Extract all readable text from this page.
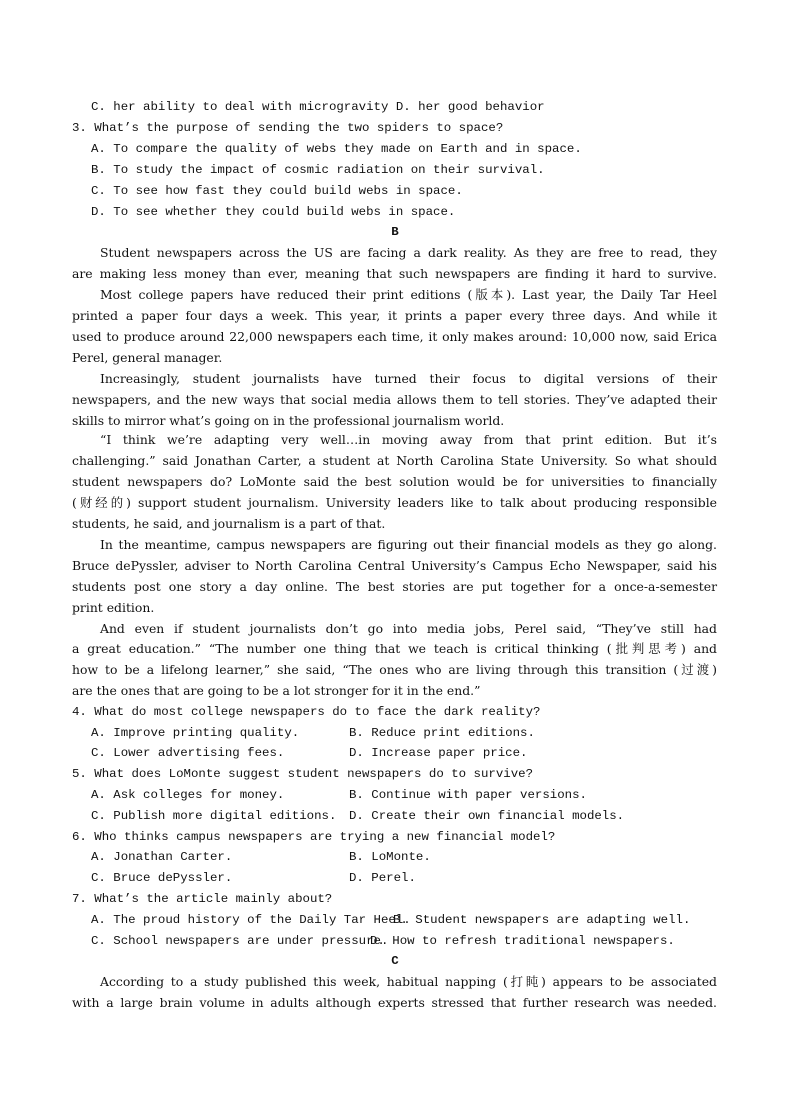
C. her ability to deal with microgravity D. her good behavior
3. What’s the purpose of sending the two spiders to space?
A. To compare the quality of webs they made on Earth and in space.
B. To study the impact of cosmic radiation on their survival.
C. To see how fast they could build webs in space.
D. To see whether they could build webs in space.
B
Student newspapers across the US are facing a dark reality. As they are free to read, they
are making less money than ever, meaning that such newspapers are finding it hard to survive.
Most college papers have reduced their print editions (版本). Last year, the Daily Tar Heel
printed a paper four days a week. This year, it prints a paper every three days. And while it
used to produce around 22,000 newspapers each time, it only makes around: 10,000 now, said Erica
Perel, general manager.
Increasingly, student journalists have turned their focus to digital versions of their
newspapers, and the new ways that social media allows them to tell stories. They’ve adapted their
skills to mirror what’s going on in the professional journalism world.
“I think we’re adapting very well…in moving away from that print edition. But it’s
challenging.” said Jonathan Carter, a student at North Carolina State University. So what should
student newspapers do? LoMonte said the best solution would be for universities to financially
(财经的) support student journalism. University leaders like to talk about producing responsible
students, he said, and journalism is a part of that.
In the meantime, campus newspapers are figuring out their financial models as they go along.
Bruce dePyssler, adviser to North Carolina Central University’s Campus Echo Newspaper, said his
students post one story a day online. The best stories are put together for a once-a-semester
print edition.
And even if student journalists don’t go into media jobs, Perel said, “They’ve still had
a great education.” “The number one thing that we teach is critical thinking (批判思考) and
how to be a lifelong learner,” she said, “The ones who are living through this transition (过渡)
are the ones that are going to be a lot stronger for it in the end.”
4. What do most college newspapers do to face the dark reality?
A. Improve printing quality.	B. Reduce print editions.
C. Lower advertising fees.	D. Increase paper price.
5. What does LoMonte suggest student newspapers do to survive?
A. Ask colleges for money.	B. Continue with paper versions.
C. Publish more digital editions. D. Create their own financial models.
6. Who thinks campus newspapers are trying a new financial model?
A. Jonathan Carter.	B. LoMonte.
C. Bruce dePyssler.	D. Perel.
7. What’s the article mainly about?
A. The proud history of the Daily Tar Heel.
B. Student newspapers are adapting well.
C. School newspapers are under pressure.
D. How to refresh traditional newspapers.
C
According to a study published this week, habitual napping (打盹) appears to be associated
with a large brain volume in adults although experts stressed that further research was needed.
